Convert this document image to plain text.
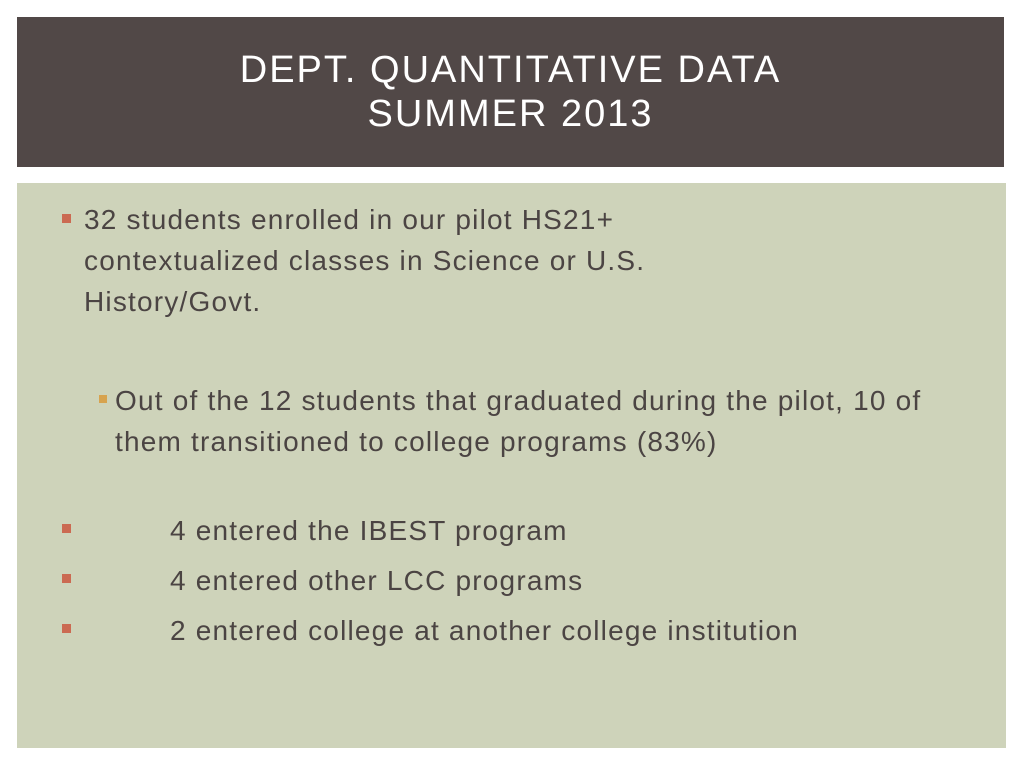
DEPT. QUANTITATIVE DATA
SUMMER 2013
32 students enrolled in our pilot HS21+ contextualized classes in Science or U.S. History/Govt.
Out of the 12 students that graduated during the pilot, 10 of them transitioned to college programs (83%)
4 entered the IBEST program
4 entered other LCC programs
2 entered college at another college institution
